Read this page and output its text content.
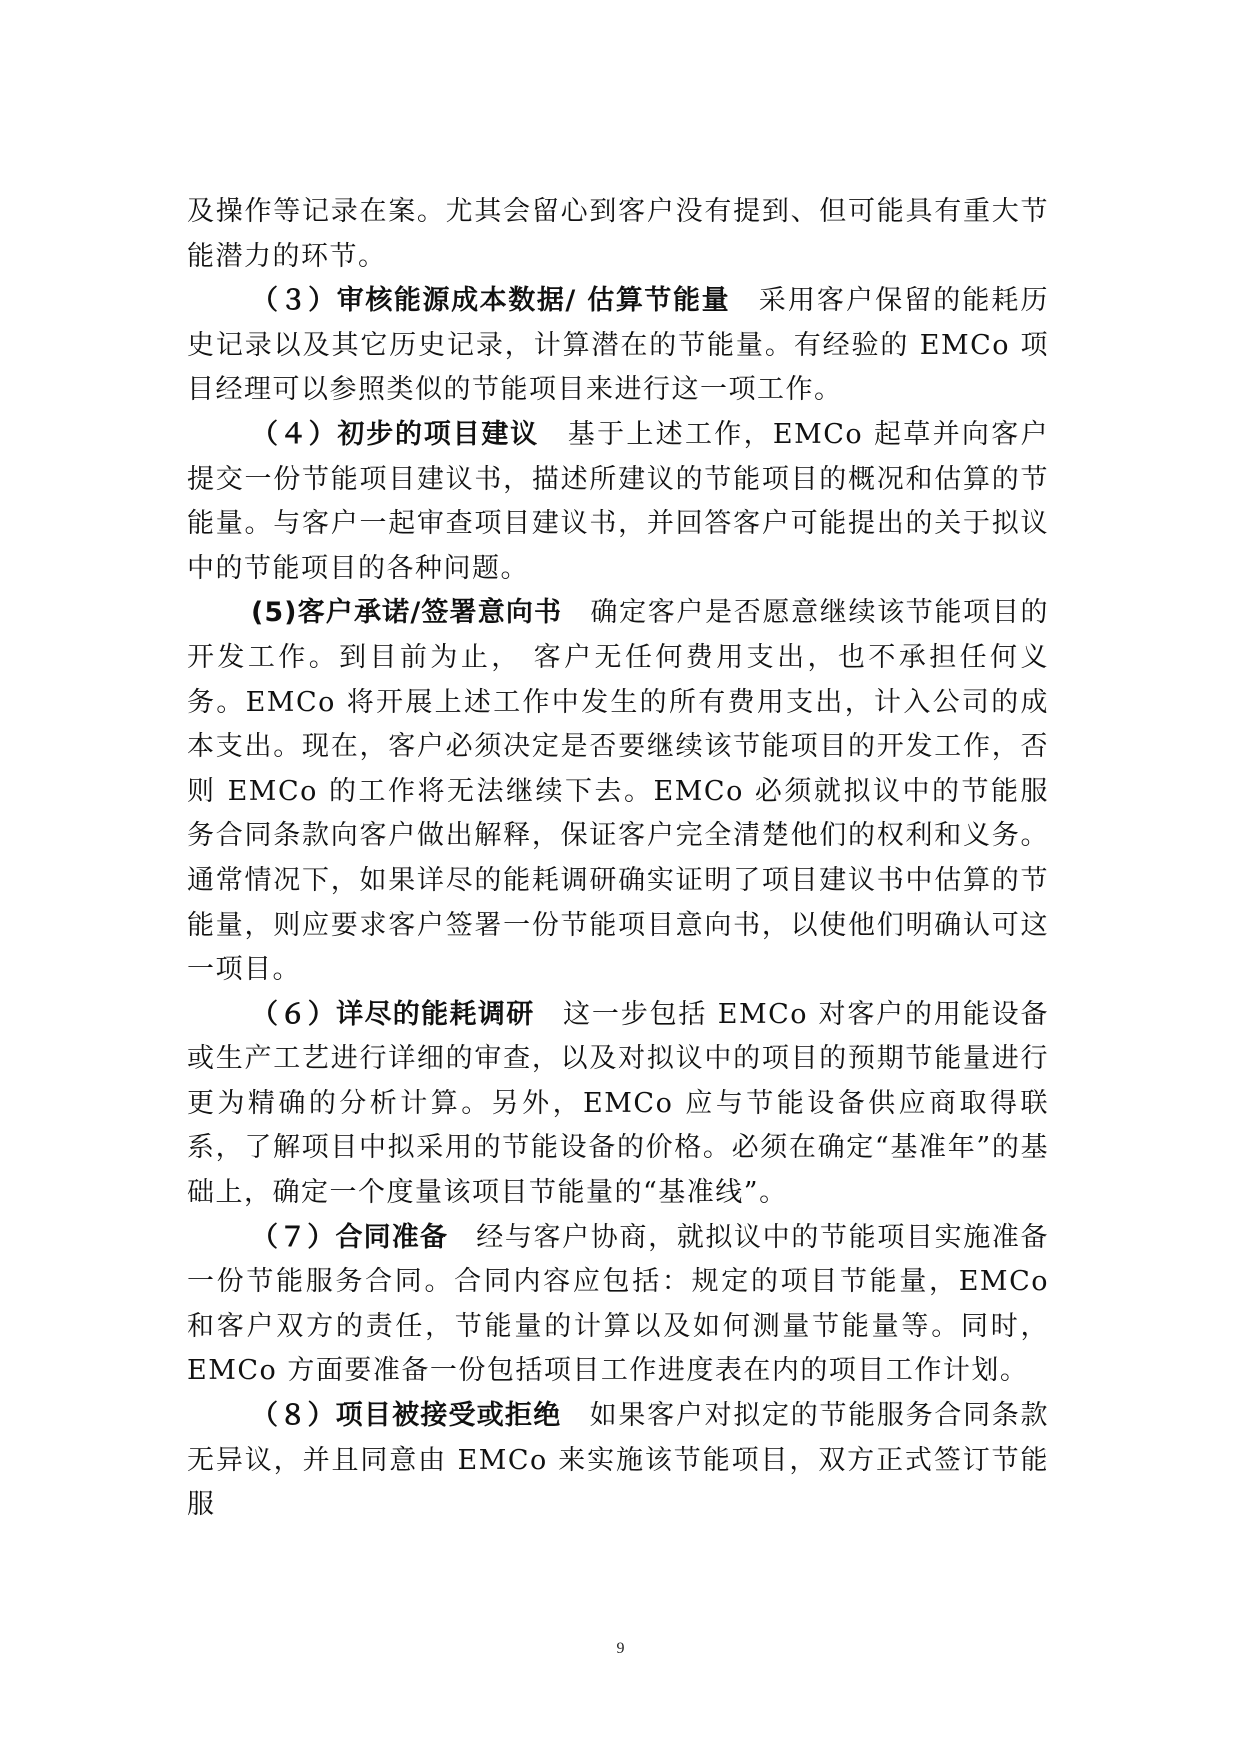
及操作等记录在案。尤其会留心到客户没有提到、但可能具有重大节能潜力的环节。

（３）审核能源成本数据/ 估算节能量 采用客户保留的能耗历史记录以及其它历史记录，计算潜在的节能量。有经验的 EMCo 项目经理可以参照类似的节能项目来进行这一项工作。

（４）初步的项目建议 基于上述工作，EMCo 起草并向客户提交一份节能项目建议书，描述所建议的节能项目的概况和估算的节能量。与客户一起审查项目建议书，并回答客户可能提出的关于拟议中的节能项目的各种问题。

(5)客户承诺/签署意向书 确定客户是否愿意继续该节能项目的开发工作。到目前为止， 客户无任何费用支出，也不承担任何义务。EMCo 将开展上述工作中发生的所有费用支出，计入公司的成本支出。现在，客户必须决定是否要继续该节能项目的开发工作，否则 EMCo 的工作将无法继续下去。EMCo 必须就拟议中的节能服务合同条款向客户做出解释，保证客户完全清楚他们的权利和义务。通常情况下，如果详尽的能耗调研确实证明了项目建议书中估算的节能量，则应要求客户签署一份节能项目意向书，以使他们明确认可这一项目。

（６）详尽的能耗调研 这一步包括 EMCo 对客户的用能设备或生产工艺进行详细的审查，以及对拟议中的项目的预期节能量进行更为精确的分析计算。另外，EMCo 应与节能设备供应商取得联系，了解项目中拟采用的节能设备的价格。必须在确定“基准年”的基础上，确定一个度量该项目节能量的“基准线”。

（７）合同准备 经与客户协商，就拟议中的节能项目实施准备一份节能服务合同。合同内容应包括：规定的项目节能量，EMCo 和客户双方的责任，节能量的计算以及如何测量节能量等。同时，EMCo 方面要准备一份包括项目工作进度表在内的项目工作计划。

（８）项目被接受或拒绝 如果客户对拟定的节能服务合同条款无异议，并且同意由 EMCo 来实施该节能项目，双方正式签订节能服

9
